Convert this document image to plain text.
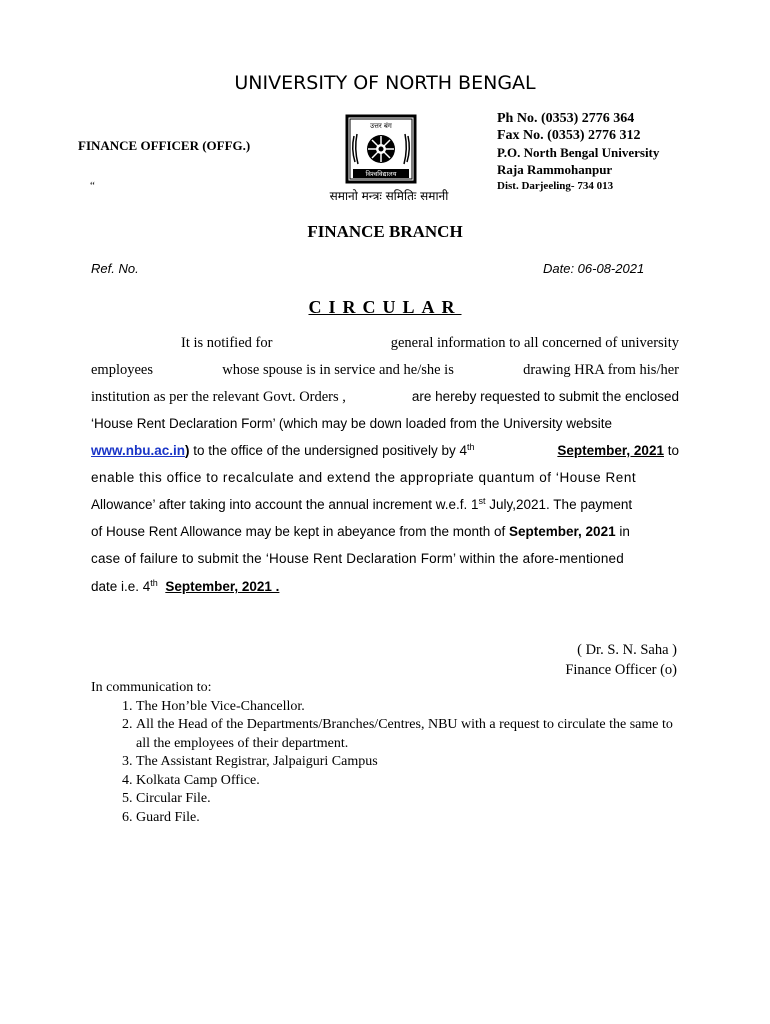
UNIVERSITY OF NORTH BENGAL
FINANCE OFFICER (OFFG.)
“
उत्तर बंग
विश्वविद्यालय
समानो मन्त्रः समितिः समानी
Ph No. (0353) 2776 364
Fax No. (0353) 2776 312
P.O. North Bengal University
Raja Rammohanpur
Dist. Darjeeling- 734 013
FINANCE BRANCH
Ref. No.	Date: 06-08-2021
CIRCULAR
It is notified for	general information to all concerned of university
employees	whose spouse is in service and he/she is	drawing HRA from his/her
institution as per the relevant Govt. Orders ,	are hereby requested to submit the enclosed
‘House Rent Declaration Form’ (which may be down loaded from the University website
www.nbu.ac.in) to the office of the undersigned positively by 4th	September, 2021 to
enable this office to recalculate and extend the appropriate quantum of ‘House Rent
Allowance’ after taking into account the annual increment w.e.f. 1st July,2021. The payment
of House Rent Allowance may be kept in abeyance from the month of September, 2021 in
case of failure to submit the ‘House Rent Declaration Form’ within the afore-mentioned
date i.e. 4th September, 2021 .
( Dr. S. N. Saha )
Finance Officer (o)
In communication to:
1. The Hon’ble Vice-Chancellor.
2. All the Head of the Departments/Branches/Centres, NBU with a request to circulate the same to all the employees of their department.
3. The Assistant Registrar, Jalpaiguri Campus
4. Kolkata Camp Office.
5. Circular File.
6. Guard File.
